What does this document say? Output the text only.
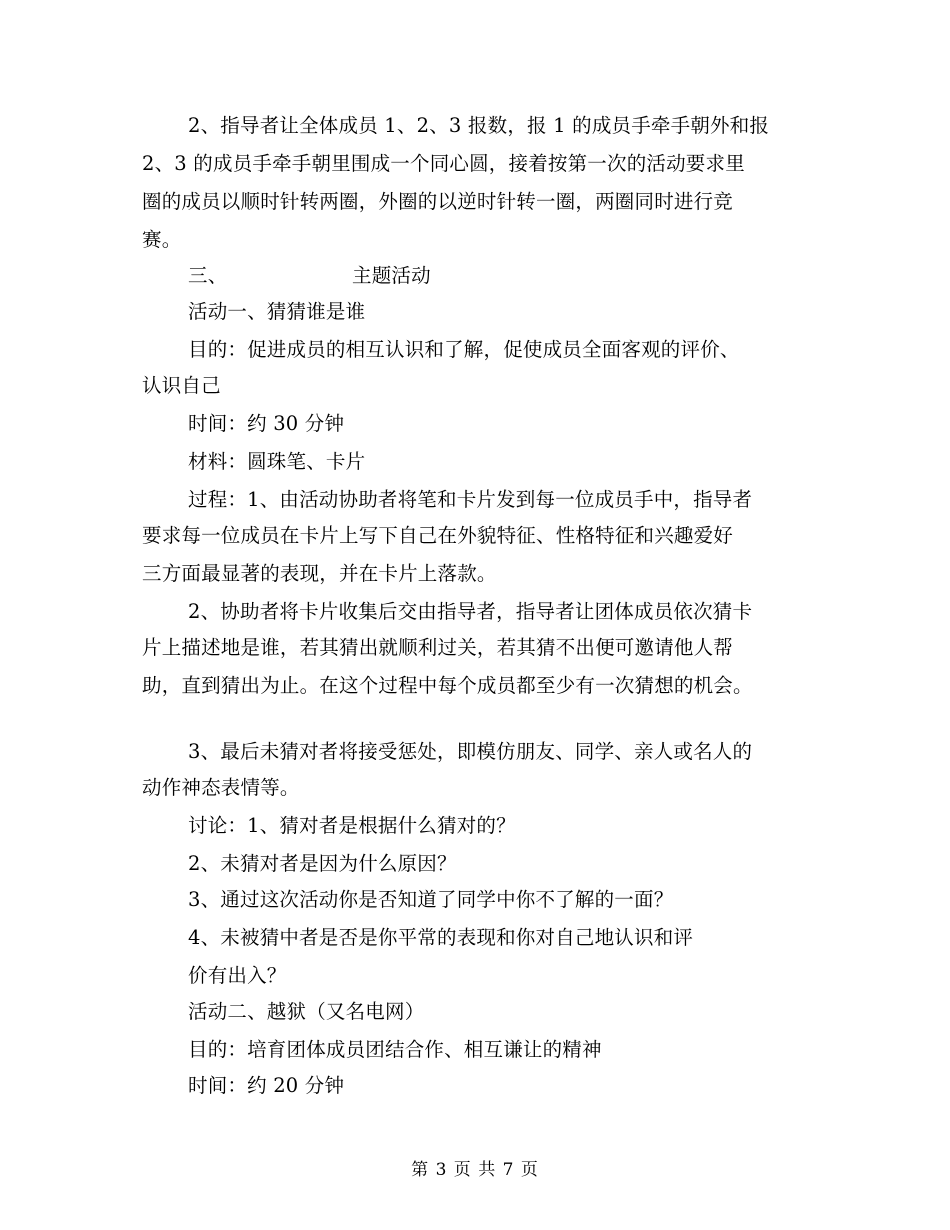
2、指导者让全体成员 1、2、3 报数，报 1 的成员手牵手朝外和报
2、3 的成员手牵手朝里围成一个同心圆，接着按第一次的活动要求里
圈的成员以顺时针转两圈，外圈的以逆时针转一圈，两圈同时进行竞
赛。
三、	主题活动
活动一、猜猜谁是谁
目的：促进成员的相互认识和了解，促使成员全面客观的评价、
认识自己
时间：约 30 分钟
材料：圆珠笔、卡片
过程：1、由活动协助者将笔和卡片发到每一位成员手中，指导者
要求每一位成员在卡片上写下自己在外貌特征、性格特征和兴趣爱好
三方面最显著的表现，并在卡片上落款。
2、协助者将卡片收集后交由指导者，指导者让团体成员依次猜卡
片上描述地是谁，若其猜出就顺利过关，若其猜不出便可邀请他人帮
助，直到猜出为止。在这个过程中每个成员都至少有一次猜想的机会。
3、最后未猜对者将接受惩处，即模仿朋友、同学、亲人或名人的
动作神态表情等。
讨论：1、猜对者是根据什么猜对的？
2、未猜对者是因为什么原因？
3、通过这次活动你是否知道了同学中你不了解的一面？
4、未被猜中者是否是你平常的表现和你对自己地认识和评
价有出入？
活动二、越狱（又名电网）
目的：培育团体成员团结合作、相互谦让的精神
时间：约 20 分钟
第 3 页 共 7 页
